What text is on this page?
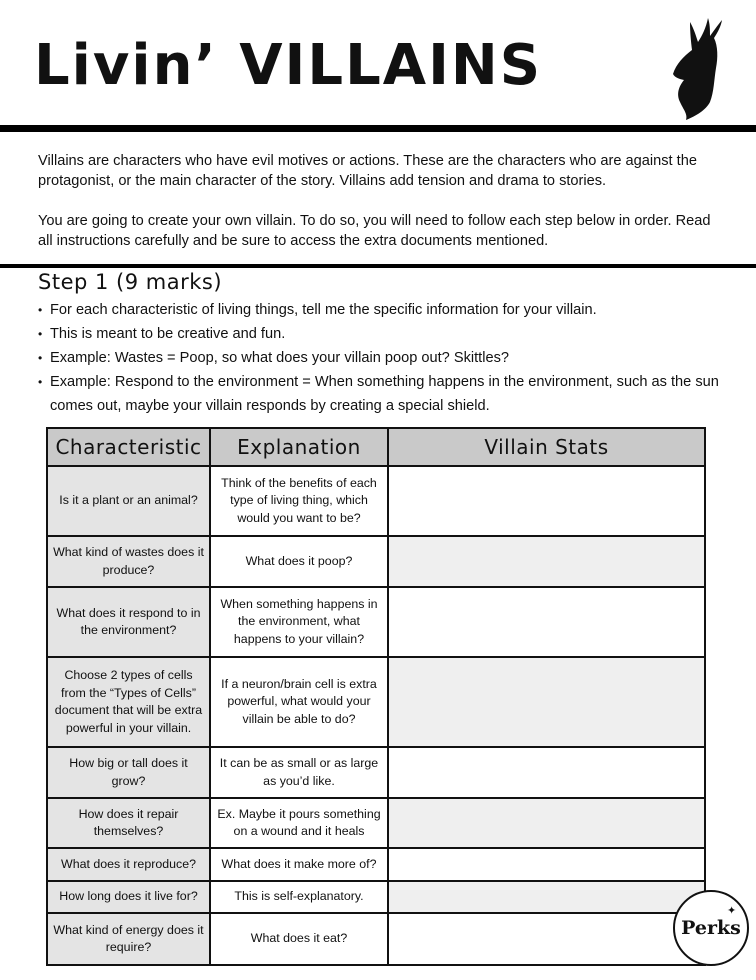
Livin’ VILLAINS

Villains are characters who have evil motives or actions. These are the characters who are against the protagonist, or the main character of the story. Villains add tension and drama to stories.

You are going to create your own villain. To do so, you will need to follow each step below in order. Read all instructions carefully and be sure to access the extra documents mentioned.

Step 1 (9 marks)
• For each characteristic of living things, tell me the specific information for your villain.
• This is meant to be creative and fun.
• Example: Wastes = Poop, so what does your villain poop out? Skittles?
• Example: Respond to the environment = When something happens in the environment, such as the sun comes out, maybe your villain responds by creating a special shield.
Characteristic	Explanation	Villain Stats
Is it a plant or an animal?	Think of the benefits of each type of living thing, which would you want to be?	
What kind of wastes does it produce?	What does it poop?	
What does it respond to in the environment?	When something happens in the environment, what happens to your villain?	
Choose 2 types of cells from the “Types of Cells” document that will be extra powerful in your villain.	If a neuron/brain cell is extra powerful, what would your villain be able to do?	
How big or tall does it grow?	It can be as small or as large as you’d like.	
How does it repair themselves?	Ex. Maybe it pours something on a wound and it heals	
What does it reproduce?	What does it make more of?	
How long does it live for?	This is self-explanatory.	
What kind of energy does it require?	What does it eat?	
✦
Perks
